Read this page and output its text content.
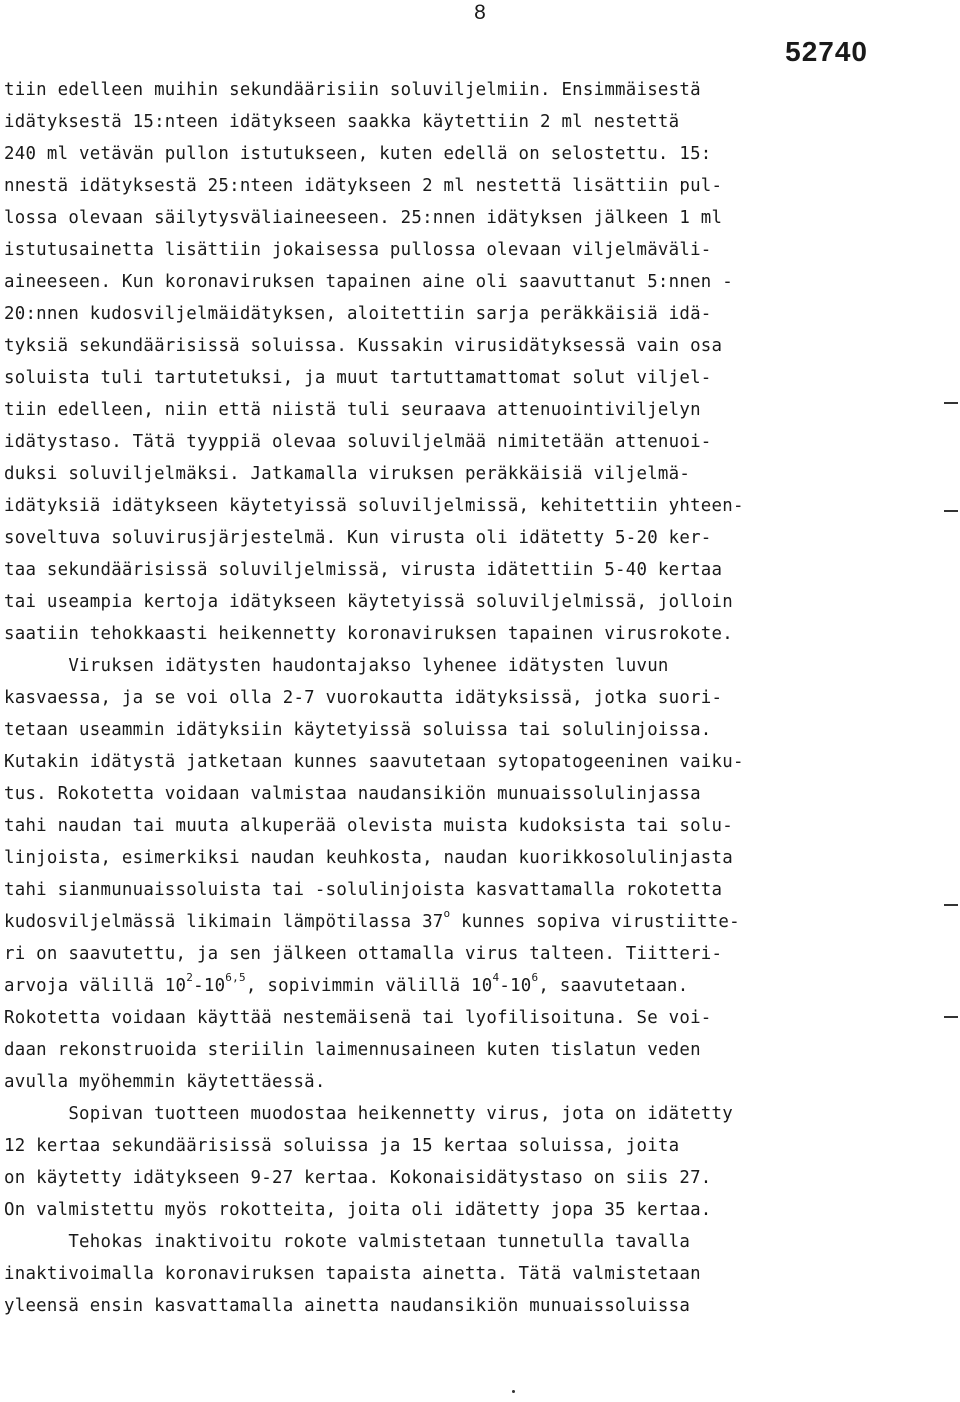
8
52740
tiin edelleen muihin sekundäärisiin soluviljelmiin. Ensimmäisestä
idätyksestä 15:nteen idätykseen saakka käytettiin 2 ml nestettä
240 ml vetävän pullon istutukseen, kuten edellä on selostettu. 15:
nnestä idätyksestä 25:nteen idätykseen 2 ml nestettä lisättiin pul-
lossa olevaan säilytysväliaineeseen. 25:nnen idätyksen jälkeen 1 ml
istutusainetta lisättiin jokaisessa pullossa olevaan viljelmäväli-
aineeseen. Kun koronaviruksen tapainen aine oli saavuttanut 5:nnen -
20:nnen kudosviljelmäidätyksen, aloitettiin sarja peräkkäisiä idä-
tyksiä sekundäärisissä soluissa. Kussakin virusidätyksessä vain osa
soluista tuli tartutetuksi, ja muut tartuttamattomat solut viljel-
tiin edelleen, niin että niistä tuli seuraava attenuointiviljelyn
idätystaso. Tätä tyyppiä olevaa soluviljelmää nimitetään attenuoi-
duksi soluviljelmäksi. Jatkamalla viruksen peräkkäisiä viljelmä-
idätyksiä idätykseen käytetyissä soluviljelmissä, kehitettiin yhteen-
soveltuva soluvirusjärjestelmä. Kun virusta oli idätetty 5-20 ker-
taa sekundäärisissä soluviljelmissä, virusta idätettiin 5-40 kertaa
tai useampia kertoja idätykseen käytetyissä soluviljelmissä, jolloin
saatiin tehokkaasti heikennetty koronaviruksen tapainen virusrokote.
Viruksen idätysten haudontajakso lyhenee idätysten luvun
kasvaessa, ja se voi olla 2-7 vuorokautta idätyksissä, jotka suori-
tetaan useammin idätyksiin käytetyissä soluissa tai solulinjoissa.
Kutakin idätystä jatketaan kunnes saavutetaan sytopatogeeninen vaiku-
tus. Rokotetta voidaan valmistaa naudansikiön munuaissolulinjassa
tahi naudan tai muuta alkuperää olevista muista kudoksista tai solu-
linjoista, esimerkiksi naudan keuhkosta, naudan kuorikkosolulinjasta
tahi sianmunuaissoluista tai -solulinjoista kasvattamalla rokotetta
kudosviljelmässä likimain lämpötilassa 37$^o$ kunnes sopiva virustiitte-
ri on saavutettu, ja sen jälkeen ottamalla virus talteen. Tiitteri-
arvoja välillä $10^2-10^{6,5}$, sopivimmin välillä $10^4-10^6$, saavutetaan.
Rokotetta voidaan käyttää nestemäisenä tai lyofilisoituna. Se voi-
daan rekonstruoida steriilin laimennusaineen kuten tislatun veden
avulla myöhemmin käytettäessä.
Sopivan tuotteen muodostaa heikennetty virus, jota on idätetty
12 kertaa sekundäärisissä soluissa ja 15 kertaa soluissa, joita
on käytetty idätykseen 9-27 kertaa. Kokonaisidätystaso on siis 27.
On valmistettu myös rokotteita, joita oli idätetty jopa 35 kertaa.
Tehokas inaktivoitu rokote valmistetaan tunnetulla tavalla
inaktivoimalla koronaviruksen tapaista ainetta. Tätä valmistetaan
yleensä ensin kasvattamalla ainetta naudansikiön munuaissoluissa
